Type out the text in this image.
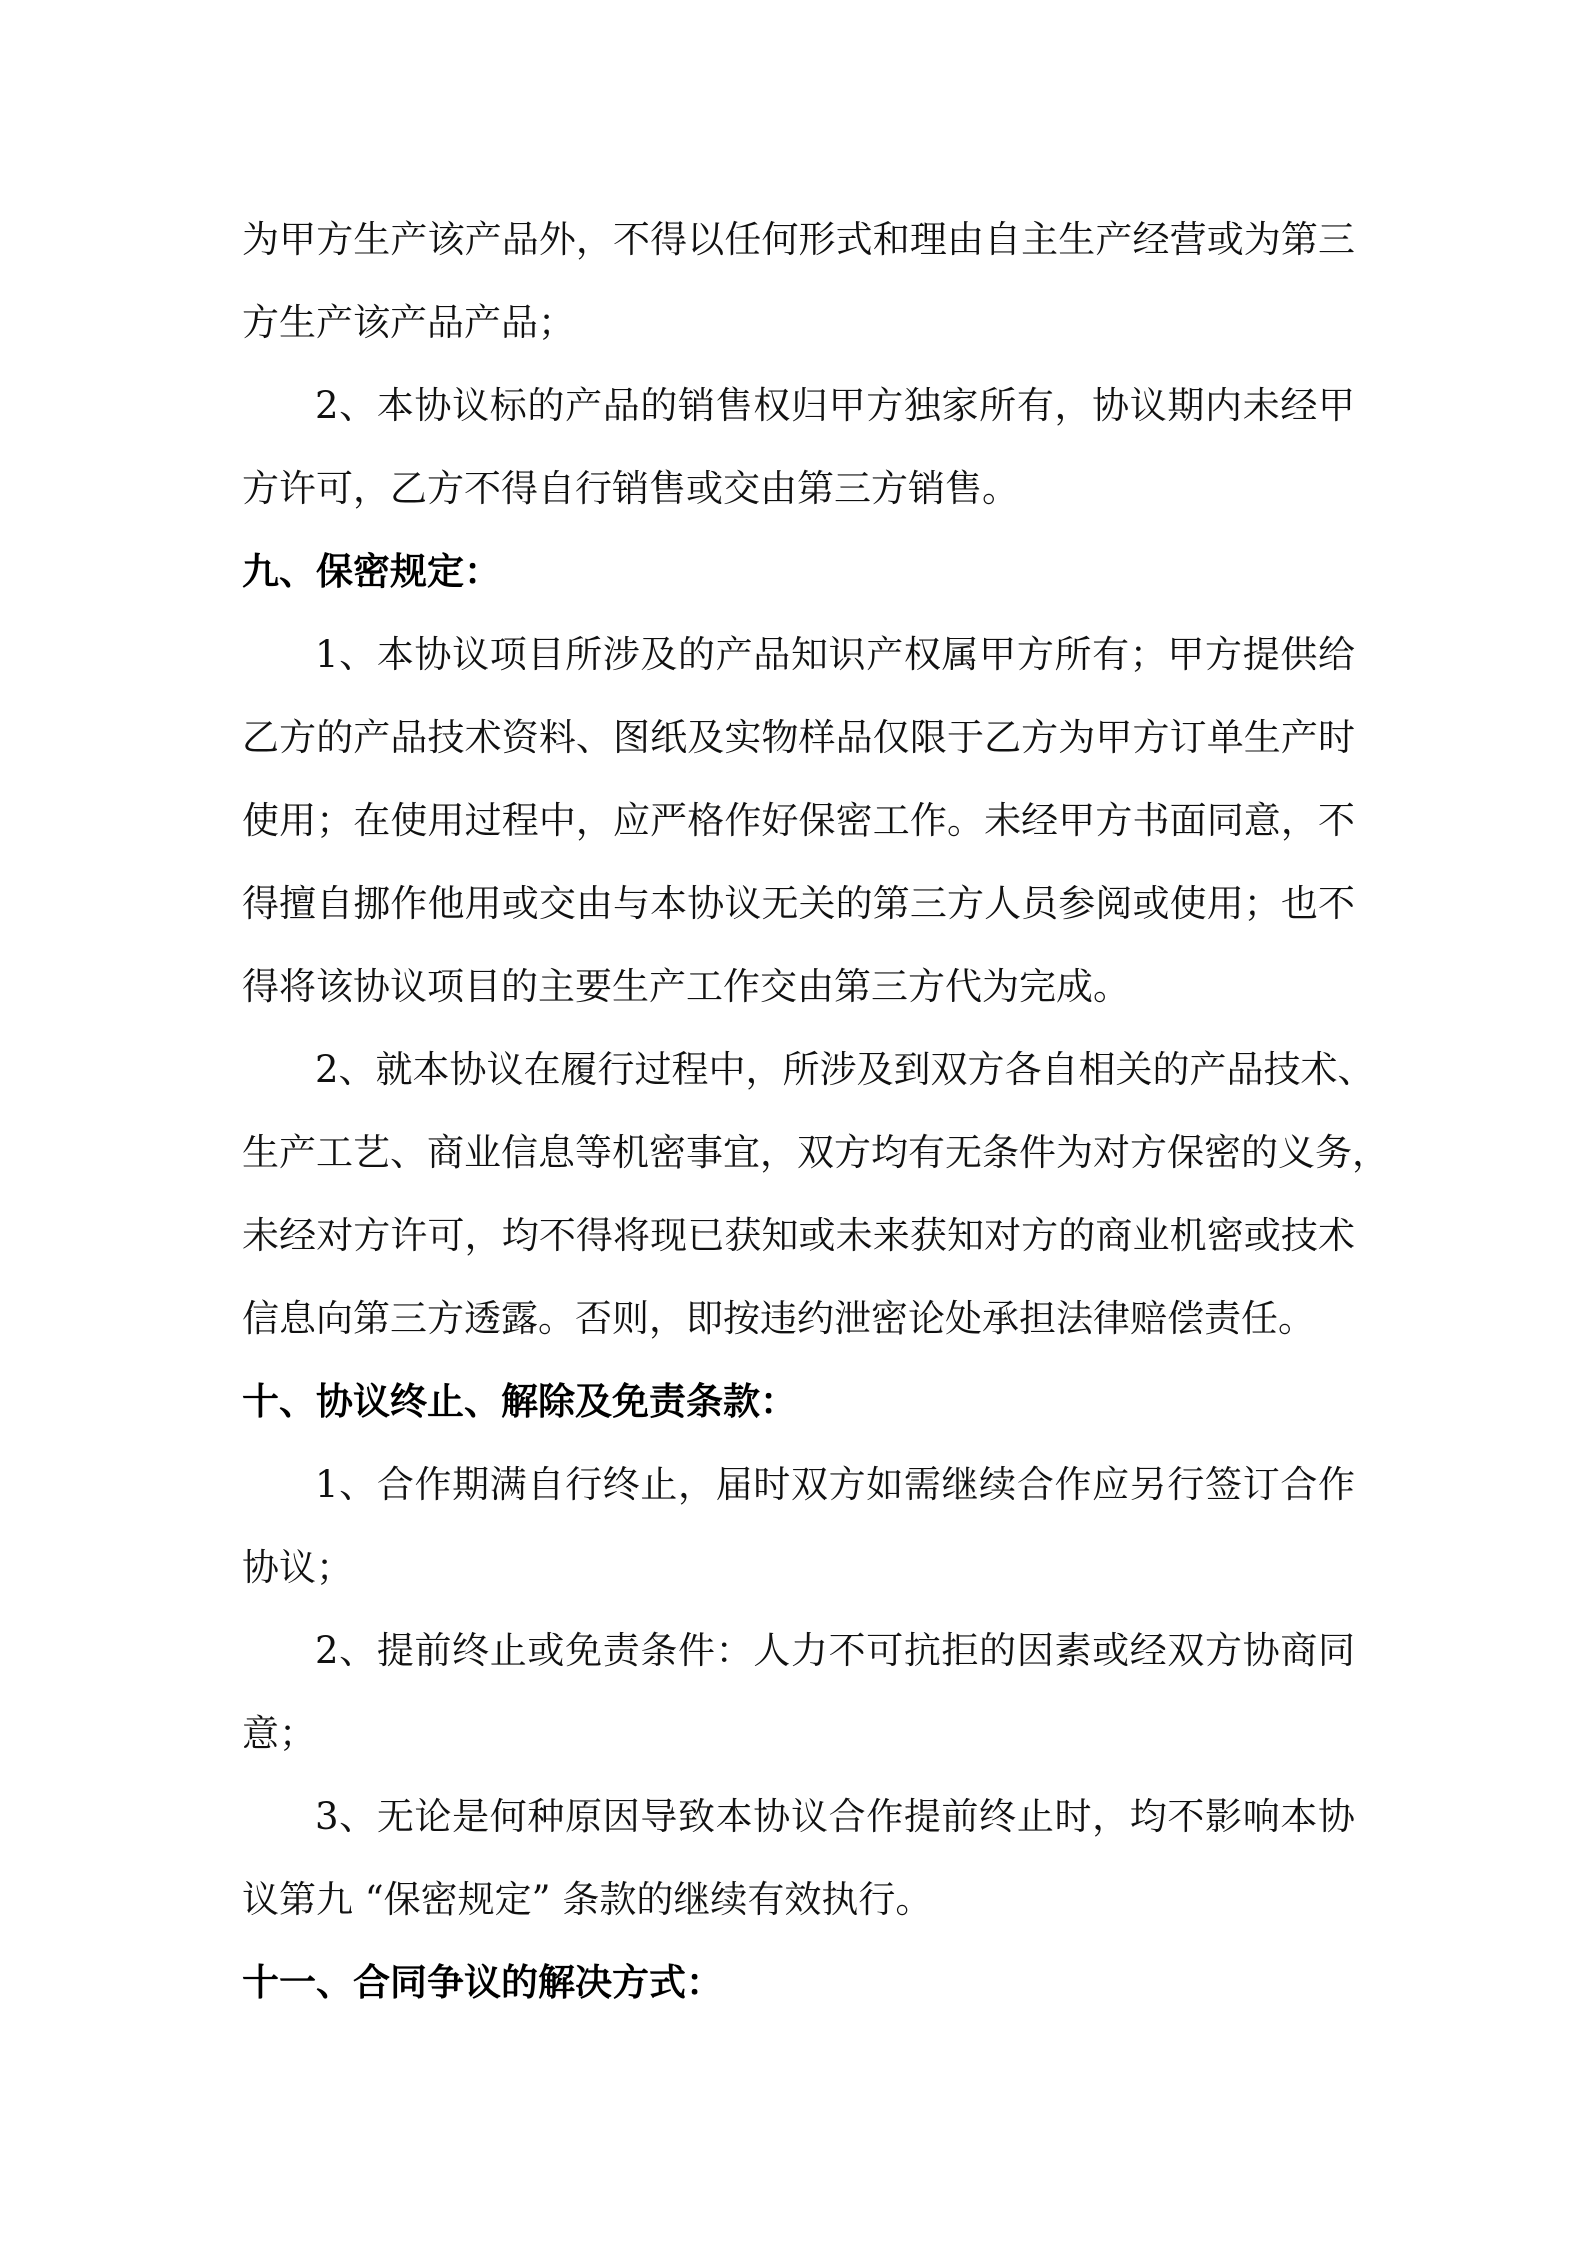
为甲方生产该产品外，不得以任何形式和理由自主生产经营或为第三
方生产该产品产品；
2、本协议标的产品的销售权归甲方独家所有，协议期内未经甲
方许可，乙方不得自行销售或交由第三方销售。
九、保密规定：
1、本协议项目所涉及的产品知识产权属甲方所有；甲方提供给
乙方的产品技术资料、图纸及实物样品仅限于乙方为甲方订单生产时
使用；在使用过程中，应严格作好保密工作。未经甲方书面同意，不
得擅自挪作他用或交由与本协议无关的第三方人员参阅或使用；也不
得将该协议项目的主要生产工作交由第三方代为完成。
2、就本协议在履行过程中，所涉及到双方各自相关的产品技术、
生产工艺、商业信息等机密事宜，双方均有无条件为对方保密的义务，
未经对方许可，均不得将现已获知或未来获知对方的商业机密或技术
信息向第三方透露。否则，即按违约泄密论处承担法律赔偿责任。
十、协议终止、解除及免责条款：
1、合作期满自行终止，届时双方如需继续合作应另行签订合作
协议；
2、提前终止或免责条件：人力不可抗拒的因素或经双方协商同
意；
3、无论是何种原因导致本协议合作提前终止时，均不影响本协
议第九 “保密规定” 条款的继续有效执行。
十一、合同争议的解决方式：
